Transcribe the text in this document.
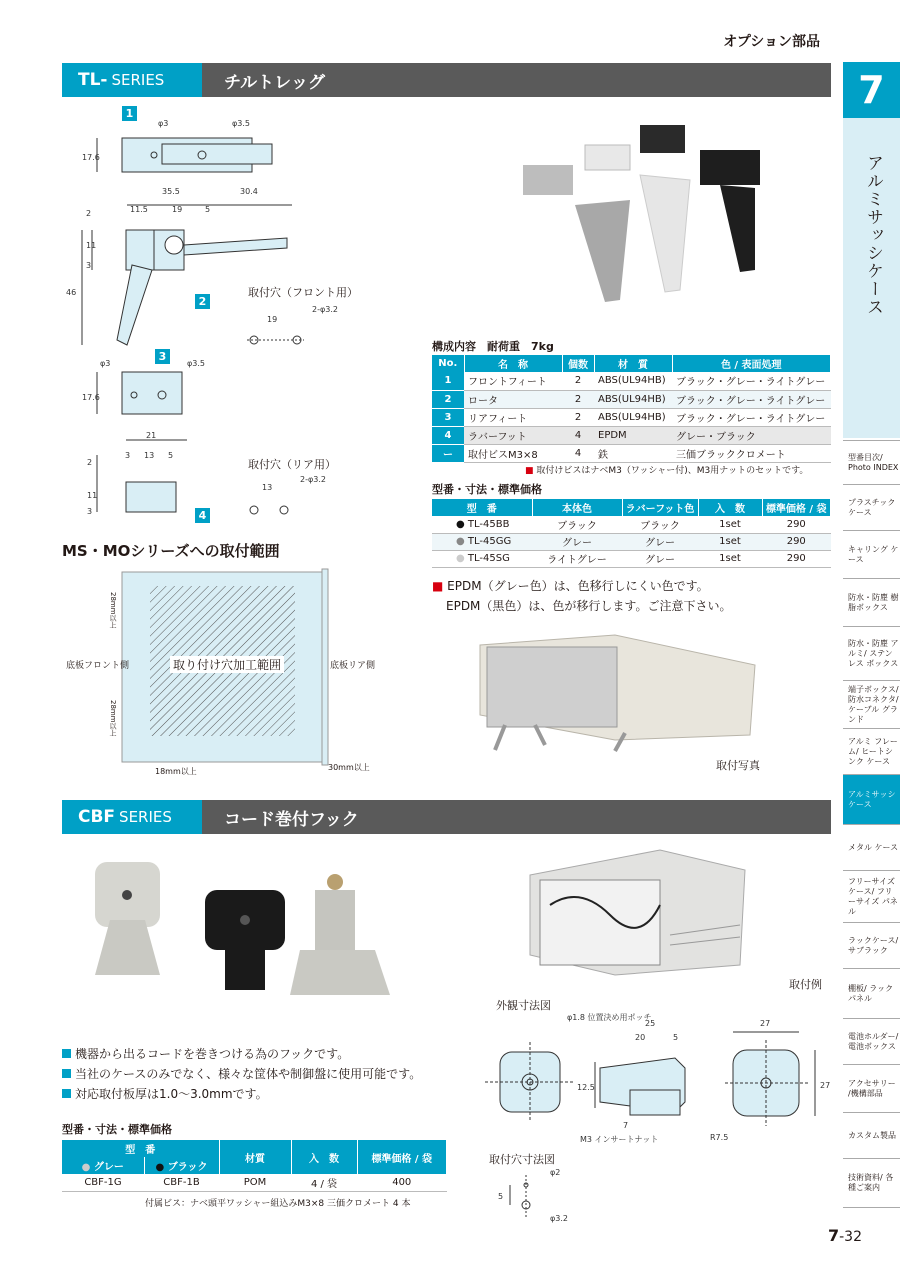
オプション部品
TL- SERIES	チルトレッグ
φ3	φ3.5
17.6
35.5	30.4
11.5	19	5
2
11
3
46
19
2-φ3.2
φ3	φ3.5
17.6
21
3 13 5
2
11
3
13
2-φ3.2
1
2
3
4
取付穴（フロント用）
取付穴（リア用）
構成内容　耐荷重　7kg
No.	名　称	個数	材　質	色 / 表面処理
1	フロントフィート	2	ABS(UL94HB)	ブラック・グレー・ライトグレー
2	ロータ	2	ABS(UL94HB)	ブラック・グレー・ライトグレー
3	リアフィート	2	ABS(UL94HB)	ブラック・グレー・ライトグレー
4	ラバーフット	4	EPDM	グレー・ブラック
ー	取付ビスM3×8	4	鉄	三価ブラッククロメート
■ 取付けビスはナベM3（ワッシャー付)、M3用ナットのセットです。
型番・寸法・標準価格
型　番	本体色	ラバーフット色	入　数	標準価格 / 袋
● TL-45BB	ブラック	ブラック	1set	290
● TL-45GG	グレー	グレー	1set	290
● TL-45SG	ライトグレー	グレー	1set	290
■ EPDM（グレー色）は、色移行しにくい色です。
EPDM（黒色）は、色が移行します。ご注意下さい。
MS・MOシリーズへの取付範囲
取り付け穴加工範囲
底板フロント側	底板リア側
28mm以上
28mm以上
18mm以上	30mm以上	取付写真
CBF SERIES	コード巻付フック
取付例
外観寸法図
φ1.8 位置決め用ポッチ
25
20	5
12.5
7
M3 インサートナット
27
27
R7.5
取付穴寸法図
φ2
5
φ3.2
機器から出るコードを巻きつける為のフックです。
当社のケースのみでなく、様々な筐体や制御盤に使用可能です。
対応取付板厚は1.0〜3.0mmです。
型番・寸法・標準価格
型　番		材質	入　数	標準価格 / 袋
● グレー	● ブラック			
CBF-1G	CBF-1B	POM	4 / 袋	400
付属ビス：ナベ頭平ワッシャー組込みM3×8 三価クロメート 4 本
7
アルミサッシケース
型番目次/ Photo INDEX
プラスチック ケース
キャリング ケース
防水・防塵 樹脂ボックス
防水・防塵 アルミ/ ステンレス ボックス
端子ボックス/ 防水コネクタ/ ケーブル グランド
アルミ フレーム/ ヒートシンク ケース
アルミサッシ ケース
メタル ケース
フリーサイズ ケース/ フリーサイズ パネル
ラックケース/ サブラック
棚板/ ラックパネル
電池ホルダー/ 電池ボックス
アクセサリー /機構部品
カスタム製品
技術資料/ 各種ご案内
7-32
